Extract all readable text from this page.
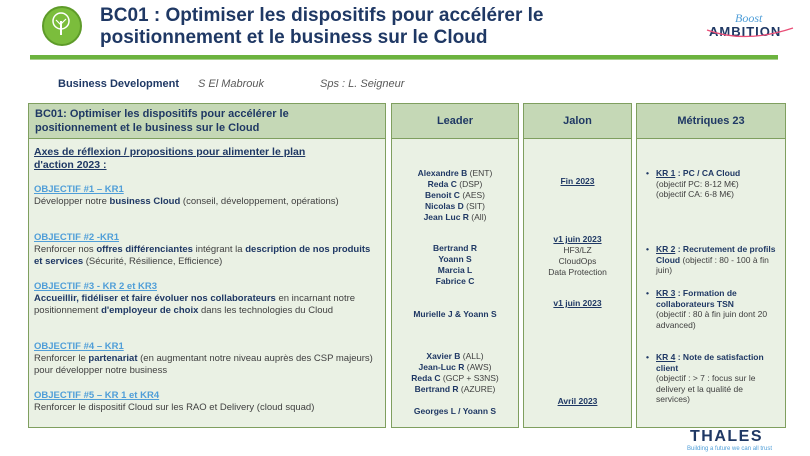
Growth	BC01 : Optimiser les dispositifs pour accélérer le
positionnement et le business sur le Cloud
Boost
AMBITION
Business Development S El Mabrouk	Sps : L. Seigneur
BC01: Optimiser les dispositifs pour accélérer le
positionnement et le business sur le Cloud
Axes de réflexion / propositions pour alimenter le plan
d'action 2023 :
OBJECTIF #1 – KR1
Développer notre business Cloud (conseil, développement, opérations)
OBJECTIF #2 -KR1
Renforcer nos offres différenciantes intégrant la description de nos produits et services (Sécurité, Résilience, Efficience)
OBJECTIF #3 - KR 2 et KR3
Accueillir, fidéliser et faire évoluer nos collaborateurs en incarnant notre positionnement d'employeur de choix dans les technologies du Cloud
OBJECTIF #4 – KR1
Renforcer le partenariat (en augmentant notre niveau auprès des CSP majeurs) pour développer notre business
OBJECTIF #5 – KR 1 et KR4
Renforcer le dispositif Cloud sur les RAO et Delivery (cloud squad)
Leader
Alexandre B (ENT)
Reda C (DSP)
Benoit C (AES)
Nicolas D (SIT)
Jean Luc R (All)
Bertrand R
Yoann S
Marcia L
Fabrice C
Murielle J & Yoann S
Xavier B (ALL)
Jean-Luc R (AWS)
Reda C (GCP + S3NS)
Bertrand R (AZURE)
Georges L / Yoann S
Jalon
Fin 2023
v1 juin 2023
HF3/LZ
CloudOps
Data Protection
v1 juin 2023
Avril 2023
Métriques 23
• KR 1 : PC / CA Cloud
(objectif PC: 8-12 M€)
(objectif CA: 6-8 M€)
• KR 2 : Recrutement de profils Cloud (objectif : 80 - 100 à fin juin)
• KR 3 : Formation de collaborateurs TSN
(objectif : 80 à fin juin dont 20 advanced)
• KR 4 : Note de satisfaction client
(objectif : > 7 : focus sur le delivery et la qualité de services)
THALES
Building a future we can all trust
